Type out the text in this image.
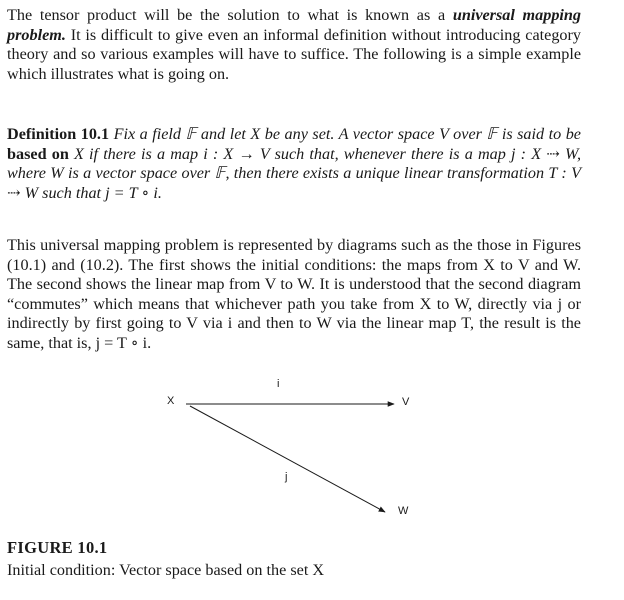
The tensor product will be the solution to what is known as a universal mapping problem. It is difficult to give even an informal definition without introducing category theory and so various examples will have to suffice. The following is a simple example which illustrates what is going on.
Definition 10.1 Fix a field 𝔽 and let X be any set. A vector space V over 𝔽 is said to be based on X if there is a map i : X → V such that, whenever there is a map j : X ⇢ W, where W is a vector space over 𝔽, then there exists a unique linear transformation T : V ⇢ W such that j = T ∘ i.
This universal mapping problem is represented by diagrams such as the those in Figures (10.1) and (10.2). The first shows the initial conditions: the maps from X to V and W. The second shows the linear map from V to W. It is understood that the second diagram “commutes” which means that whichever path you take from X to W, directly via j or indirectly by first going to V via i and then to W via the linear map T, the result is the same, that is, j = T ∘ i.
X	V
W
i
j
FIGURE 10.1
Initial condition: Vector space based on the set X
